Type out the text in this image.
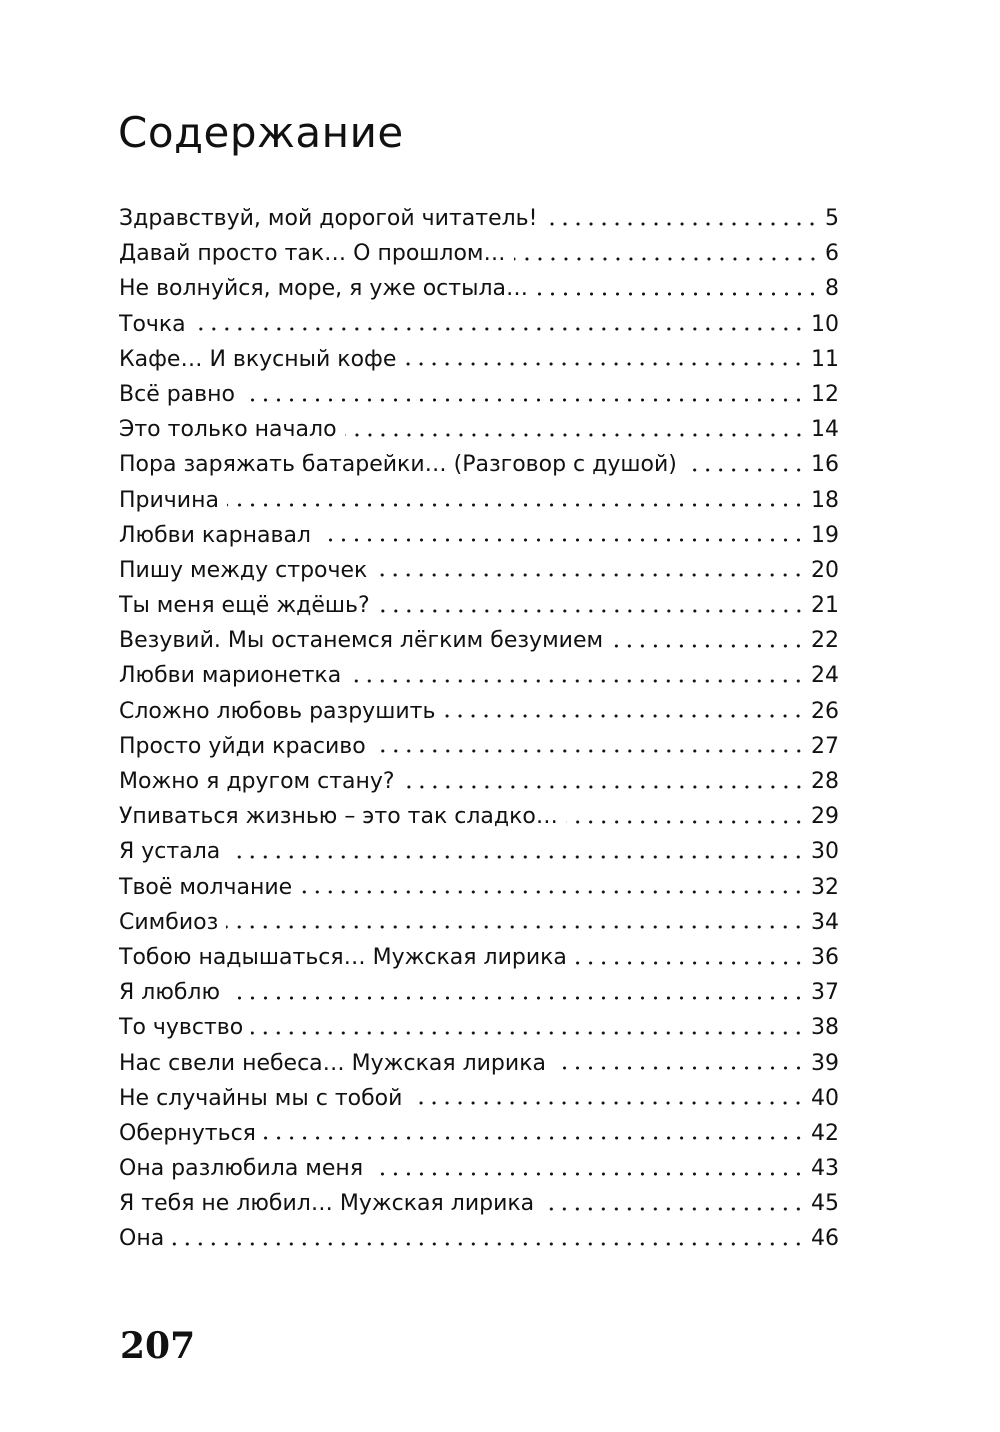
Содержание
Здравствуй, мой дорогой читатель!	5
Давай просто так… О прошлом…	6
Не волнуйся, море, я уже остыла…	8
Точка	10
Кафе… И вкусный кофе	11
Всё равно	12
Это только начало	14
Пора заряжать батарейки… (Разговор с душой)	16
Причина	18
Любви карнавал	19
Пишу между строчек	20
Ты меня ещё ждёшь?	21
Везувий. Мы останемся лёгким безумием	22
Любви марионетка	24
Сложно любовь разрушить	26
Просто уйди красиво	27
Можно я другом стану?	28
Упиваться жизнью – это так сладко…	29
Я устала	30
Твоё молчание	32
Симбиоз	34
Тобою надышаться… Мужская лирика	36
Я люблю	37
То чувство	38
Нас свели небеса… Мужская лирика	39
Не случайны мы с тобой	40
Обернуться	42
Она разлюбила меня	43
Я тебя не любил… Мужская лирика	45
Она	46

207
